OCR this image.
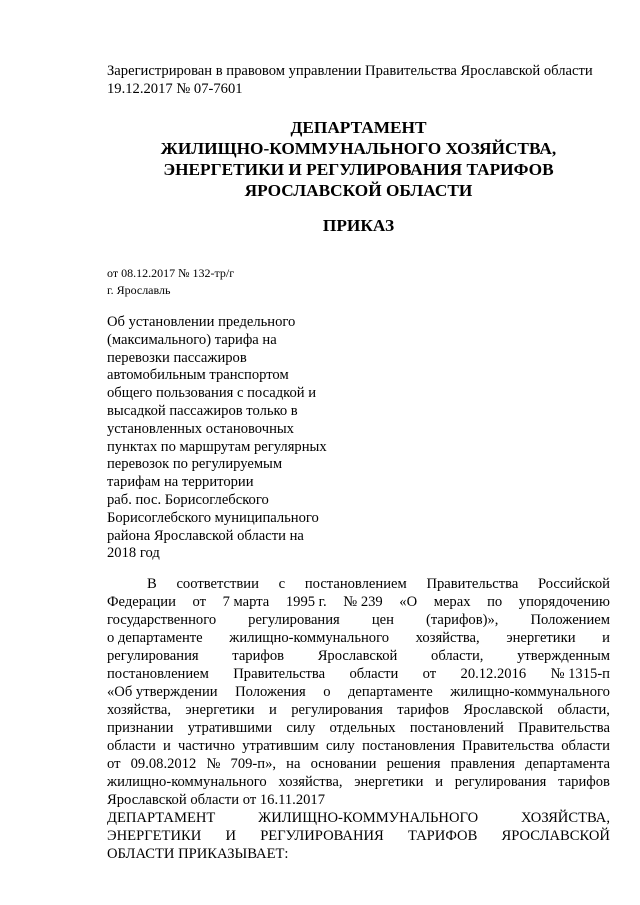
Зарегистрирован в правовом управлении Правительства Ярославской области
19.12.2017 № 07-7601
ДЕПАРТАМЕНТ
ЖИЛИЩНО-КОММУНАЛЬНОГО ХОЗЯЙСТВА,
ЭНЕРГЕТИКИ И РЕГУЛИРОВАНИЯ ТАРИФОВ
ЯРОСЛАВСКОЙ ОБЛАСТИ
ПРИКАЗ
от 08.12.2017 № 132-тр/г
г. Ярославль
Об установлении предельного
(максимального) тарифа на
перевозки пассажиров
автомобильным транспортом
общего пользования с посадкой и
высадкой пассажиров только в
установленных остановочных
пунктах по маршрутам регулярных
перевозок по регулируемым
тарифам на территории
раб. пос. Борисоглебского
Борисоглебского муниципального
района Ярославской области на
2018 год
В соответствии с постановлением Правительства Российской
Федерации от 7 марта 1995 г. № 239 «О мерах по упорядочению
государственного регулирования цен (тарифов)», Положением
о департаменте жилищно-коммунального хозяйства, энергетики и
регулирования тарифов Ярославской области, утвержденным
постановлением Правительства области от 20.12.2016 № 1315-п
«Об утверждении Положения о департаменте жилищно-коммунального
хозяйства, энергетики и регулирования тарифов Ярославской области,
признании утратившими силу отдельных постановлений Правительства
области и частично утратившим силу постановления Правительства области
от 09.08.2012 № 709-п», на основании решения правления департамента
жилищно-коммунального хозяйства, энергетики и регулирования тарифов
Ярославской области от 16.11.2017
ДЕПАРТАМЕНТ	ЖИЛИЩНО-КОММУНАЛЬНОГО	ХОЗЯЙСТВА,
ЭНЕРГЕТИКИ И РЕГУЛИРОВАНИЯ ТАРИФОВ ЯРОСЛАВСКОЙ
ОБЛАСТИ ПРИКАЗЫВАЕТ:
